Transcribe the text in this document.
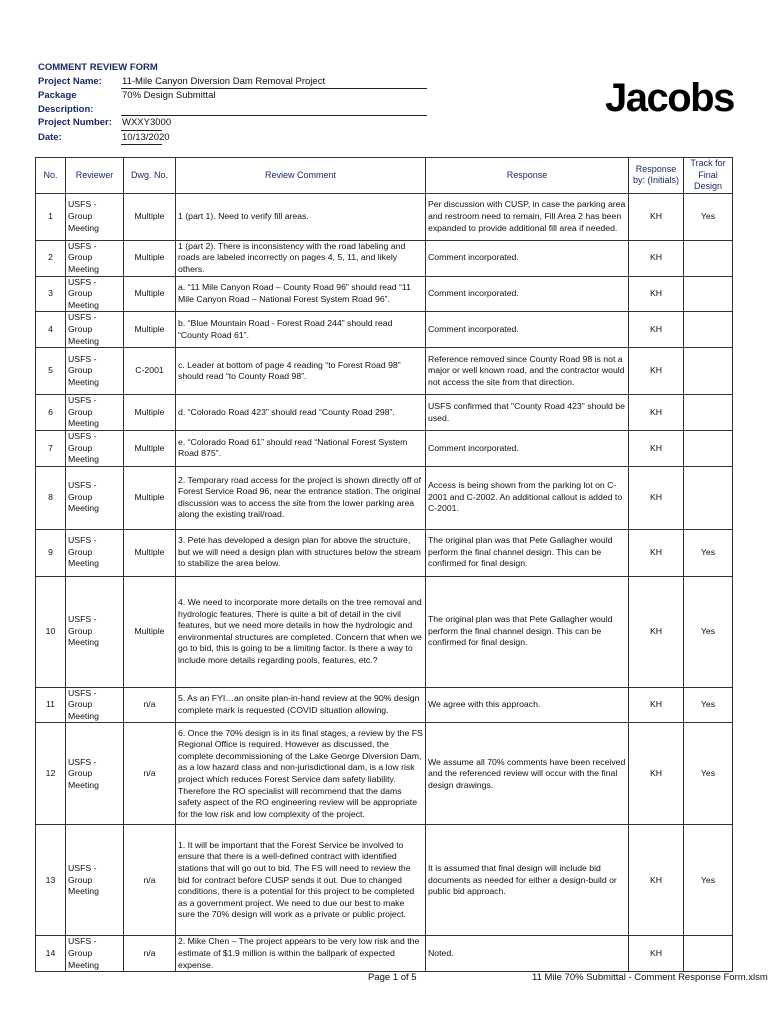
COMMENT REVIEW FORM
Project Name:	11-Mile Canyon Diversion Dam Removal Project
Package Description:
70% Design Submittal
Project Number:	WXXY3000
Date:	10/13/2020
Jacobs
No.	Reviewer	Dwg. No.	Review Comment	Response	Response by: (Initials)	Track for Final Design
1	USFS - Group Meeting	Multiple	1 (part 1). Need to verify fill areas.	Per discussion with CUSP, in case the parking area and restroom need to remain, Fill Area 2 has been expanded to provide additional fill area if needed.	KH	Yes
2	USFS - Group Meeting	Multiple	1 (part 2). There is inconsistency with the road labeling and roads are labeled incorrectly on pages 4, 5, 11, and likely others.	Comment incorporated.	KH	
3	USFS - Group Meeting	Multiple	a. “11 Mile Canyon Road – County Road 96” should read “11 Mile Canyon Road – National Forest System Road 96”.	Comment incorporated.	KH	
4	USFS - Group Meeting	Multiple	b. “Blue Mountain Road - Forest Road 244” should read “County Road 61”.	Comment incorporated.	KH	
5	USFS - Group Meeting	C-2001	c. Leader at bottom of page 4 reading “to Forest Road 98” should read “to County Road 98”.	Reference removed since County Road 98 is not a major or well known road, and the contractor would not access the site from that direction.	KH	
6	USFS - Group Meeting	Multiple	d. “Colorado Road 423” should read “County Road 298”.	USFS confirmed that "County Road 423" should be used.	KH	
7	USFS - Group Meeting	Multiple	e. “Colorado Road 61” should read “National Forest System Road 875”.	Comment incorporated.	KH	
8	USFS - Group Meeting	Multiple	2. Temporary road access for the project is shown directly off of Forest Service Road 96, near the entrance station. The original discussion was to access the site from the lower parking area along the existing trail/road.	Access is being shown from the parking lot on C-2001 and C-2002. An additional callout is added to C-2001.	KH	
9	USFS - Group Meeting	Multiple	3. Pete has developed a design plan for above the structure, but we will need a design plan with structures below the stream to stabilize the area below.	The original plan was that Pete Gallagher would perform the final channel design. This can be confirmed for final design.	KH	Yes
10	USFS - Group Meeting	Multiple	4. We need to incorporate more details on the tree removal and hydrologic features. There is quite a bit of detail in the civil features, but we need more details in how the hydrologic and environmental structures are completed. Concern that when we go to bid, this is going to be a limiting factor. Is there a way to include more details regarding pools, features, etc.?	The original plan was that Pete Gallagher would perform the final channel design. This can be confirmed for final design.	KH	Yes
11	USFS - Group Meeting	n/a	5. As an FYI…an onsite plan-in-hand review at the 90% design complete mark is requested (COVID situation allowing.	We agree with this approach.	KH	Yes
12	USFS - Group Meeting	n/a	6. Once the 70% design is in its final stages, a review by the FS Regional Office is required. However as discussed, the complete decommissioning of the Lake George Diversion Dam, as a low hazard class and non-jurisdictional dam, is a low risk project which reduces Forest Service dam safety liability. Therefore the RO specialist will recommend that the dams safety aspect of the RO engineering review will be appropriate for the low risk and low complexity of the project.	We assume all 70% comments have been received and the referenced review will occur with the final design drawings.	KH	Yes
13	USFS - Group Meeting	n/a	1. It will be important that the Forest Service be involved to ensure that there is a well-defined contract with identified stations that will go out to bid. The FS will need to review the bid for contract before CUSP sends it out. Due to changed conditions, there is a potential for this project to be completed as a government project. We need to due our best to make sure the 70% design will work as a private or public project.	It is assumed that final design will include bid documents as needed for either a design-build or public bid approach.	KH	Yes
14	USFS - Group Meeting	n/a	2. Mike Chen – The project appears to be very low risk and the estimate of $1.9 million is within the ballpark of expected expense.	Noted.	KH	
Page 1 of 5	11 Mile 70% Submittal - Comment Response Form.xlsm
